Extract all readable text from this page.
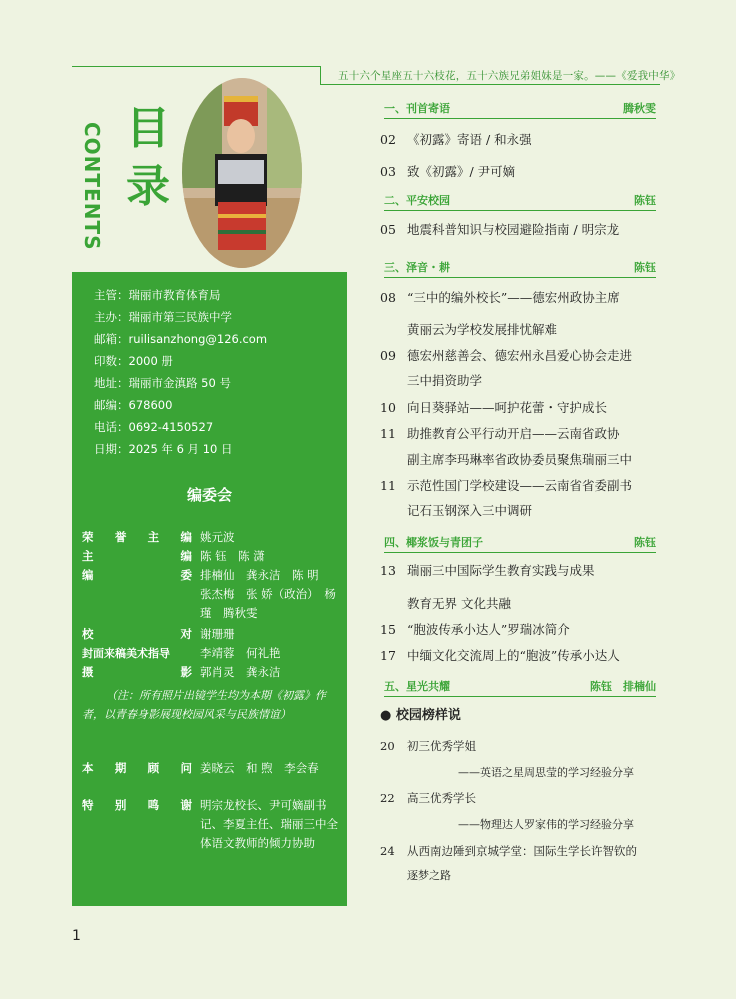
五十六个星座五十六枝花，五十六族兄弟姐妹是一家。——《爱我中华》
目
录
CONTENTS
主管：瑞丽市教育体育局
主办：瑞丽市第三民族中学
邮箱：ruilisanzhong@126.com
印数：2000 册
地址：瑞丽市金滇路 50 号
邮编：678600
电话：0692-4150527
日期：2025 年 6 月 10 日
编委会
荣 誉 主 编 姚元波
主	编 陈 钰　陈 潇
编	委 排楠仙　龚永洁　陈 明　张杰梅　张 娇（政治）　杨 瑾　腾秋雯
校	对 谢珊珊
封面来稿美术指导	李靖蓉　何礼艳
摄	影 郭肖灵　龚永洁
（注：所有照片出镜学生均为本期《初露》作者，以青春身影展现校园风采与民族情谊）
本 期 顾 问 姜晓云　和 煦　李会春
特 别 鸣 谢 明宗龙校长、尹可嫡副书记、李夏主任、瑞丽三中全体语文教师的倾力协助
一、刊首寄语	腾秋雯
02 《初露》寄语 / 和永强
03 致《初露》/ 尹可嫡
二、平安校园	陈钰
05 地震科普知识与校园避险指南 / 明宗龙
三、泽音・耕	陈钰
08 “三中的编外校长”——德宏州政协主席
黄丽云为学校发展排忧解难
09 德宏州慈善会、德宏州永昌爱心协会走进
三中捐资助学
10 向日葵驿站——呵护花蕾・守护成长
11 助推教育公平行动开启——云南省政协
副主席李玛琳率省政协委员聚焦瑞丽三中
11 示范性国门学校建设——云南省省委副书
记石玉钢深入三中调研
四、椰浆饭与青团子	陈钰
13 瑞丽三中国际学生教育实践与成果
教育无界 文化共融
15 “胞波传承小达人”罗瑞冰简介
17 中缅文化交流周上的“胞波”传承小达人
五、星光共耀	陈钰　排楠仙
● 校园榜样说
20 初三优秀学姐
——英语之星周思莹的学习经验分享
22 高三优秀学长
——物理达人罗家伟的学习经验分享
24 从西南边陲到京城学堂：国际生学长许智钦的
逐梦之路
1
